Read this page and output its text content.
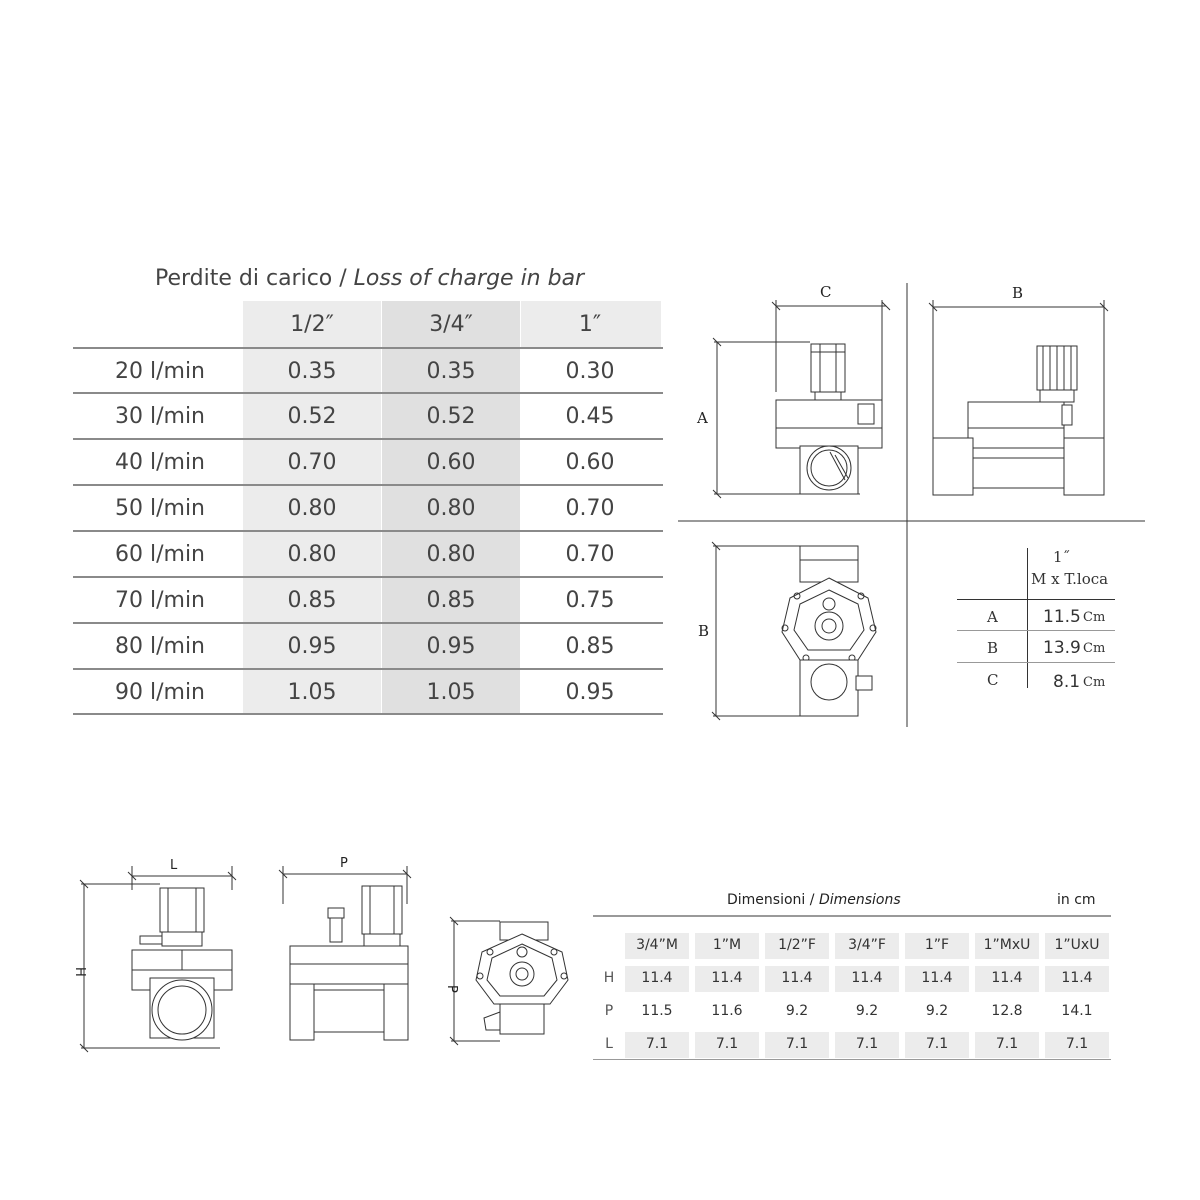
Perdite di carico / Loss of charge in bar
1/2″	3/4″	1″
20 l/min	0.35	0.35	0.30
30 l/min	0.52	0.52	0.45
40 l/min	0.70	0.60	0.60
50 l/min	0.80	0.80	0.70
60 l/min	0.80	0.80	0.70
70 l/min	0.85	0.85	0.75
80 l/min	0.95	0.95	0.85
90 l/min	1.05	1.05	0.95
C
A
B
B
L	P
H
P
1˝
M x T.loca
A	11.5 Cm
B	13.9 Cm
C	8.1 Cm
Dimensioni / Dimensions	in cm
3/4”M	1”M	1/2”F	3/4”F	1”F	1”MxU	1”UxU
H	11.4	11.4	11.4	11.4	11.4	11.4	11.4
P	11.5	11.6	9.2	9.2	9.2	12.8	14.1
L	7.1	7.1	7.1	7.1	7.1	7.1	7.1
